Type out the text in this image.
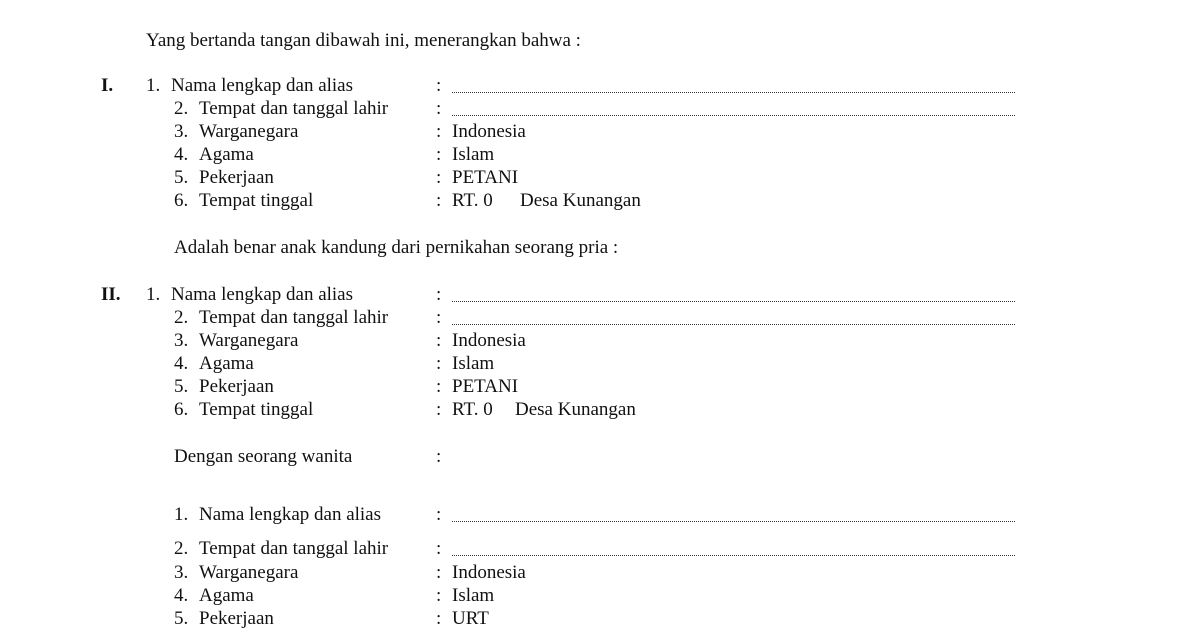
Yang bertanda tangan dibawah ini, menerangkan bahwa :
I. 1. Nama lengkap dan alias	:
2. Tempat dan tanggal lahir	:
3. Warganegara	: Indonesia
4. Agama	: Islam
5. Pekerjaan	: PETANI
6. Tempat tinggal	: RT. 0 Desa Kunangan
Adalah benar anak kandung dari pernikahan seorang pria :
II. 1. Nama lengkap dan alias	:
2. Tempat dan tanggal lahir	:
3. Warganegara	: Indonesia
4. Agama	: Islam
5. Pekerjaan	: PETANI
6. Tempat tinggal	: RT. 0 Desa Kunangan
Dengan seorang wanita	:
1. Nama lengkap dan alias	:
2. Tempat dan tanggal lahir	:
3. Warganegara	: Indonesia
4. Agama	: Islam
5. Pekerjaan	: URT
